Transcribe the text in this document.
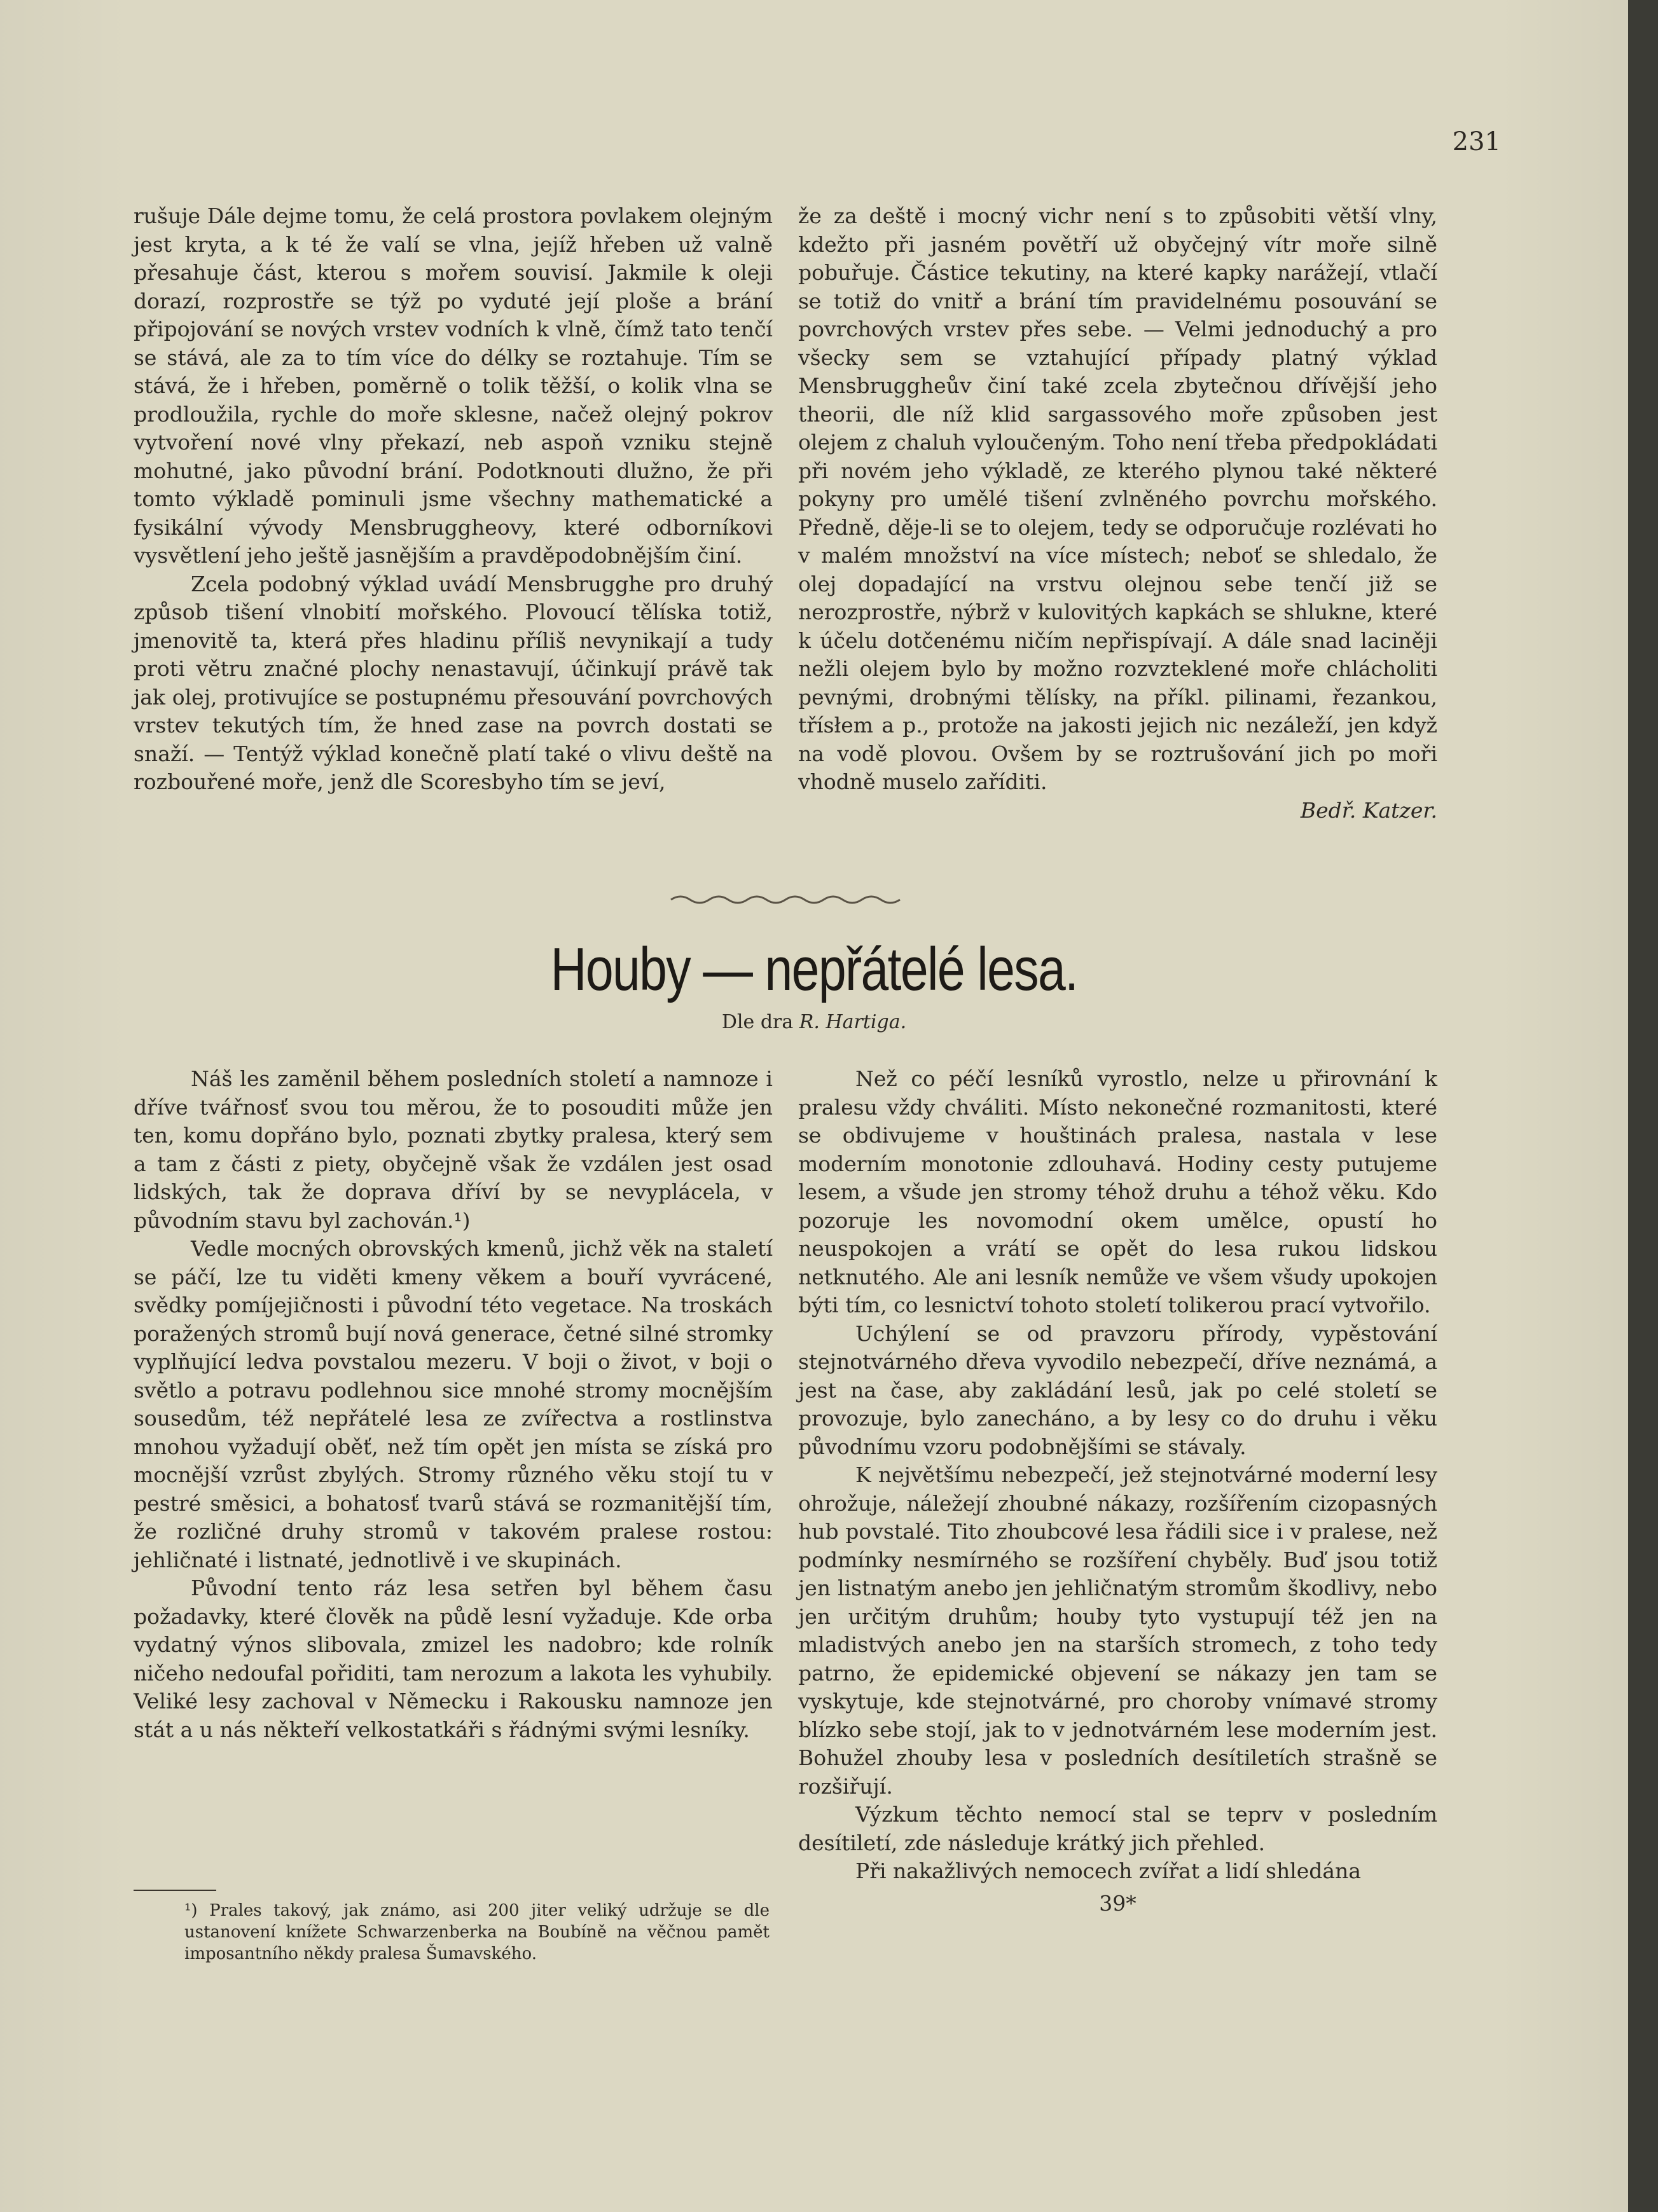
231

rušuje Dále dejme tomu, že celá prostora povlakem olejným jest kryta, a k té že valí se vlna, jejíž hřeben už valně přesahuje část, kterou s mořem souvisí. Jakmile k oleji dorazí, rozprostře se týž po vyduté její ploše a brání připojování se nových vrstev vodních k vlně, čímž tato tenčí se stává, ale za to tím více do délky se roztahuje. Tím se stává, že i hřeben, poměrně o tolik těžší, o kolik vlna se prodloužila, rychle do moře sklesne, načež olejný pokrov vytvoření nové vlny překazí, neb aspoň vzniku stejně mohutné, jako původní brání. Podotknouti dlužno, že při tomto výkladě pominuli jsme všechny mathematické a fysikální vývody Mensbruggheovy, které odborníkovi vysvětlení jeho ještě jasnějším a pravděpodobnějším činí.

Zcela podobný výklad uvádí Mensbrugghe pro druhý způsob tišení vlnobití mořského. Plovoucí tělíska totiž, jmenovitě ta, která přes hladinu příliš nevynikají a tudy proti větru značné plochy nenastavují, účinkují právě tak jak olej, protivujíce se postupnému přesouvání povrchových vrstev tekutých tím, že hned zase na povrch dostati se snaží. — Tentýž výklad konečně platí také o vlivu deště na rozbouřené moře, jenž dle Scoresbyho tím se jeví,

že za deště i mocný vichr není s to způsobiti větší vlny, kdežto při jasném povětří už obyčejný vítr moře silně pobuřuje. Částice tekutiny, na které kapky narážejí, vtlačí se totiž do vnitř a brání tím pravidelnému posouvání se povrchových vrstev přes sebe. — Velmi jednoduchý a pro všecky sem se vztahující případy platný výklad Mensbruggheův činí také zcela zbytečnou dřívější jeho theorii, dle níž klid sargassového moře způsoben jest olejem z chaluh vyloučeným. Toho není třeba předpokládati při novém jeho výkladě, ze kterého plynou také některé pokyny pro umělé tišení zvlněného povrchu mořského. Předně, děje-li se to olejem, tedy se odporučuje rozlévati ho v malém množství na více místech; neboť se shledalo, že olej dopadající na vrstvu olejnou sebe tenčí již se nerozprostře, nýbrž v kulovitých kapkách se shlukne, které k účelu dotčenému ničím nepřispívají. A dále snad laciněji nežli olejem bylo by možno rozvzteklené moře chlácholiti pevnými, drobnými tělísky, na příkl. pilinami, řezankou, třísłem a p., protože na jakosti jejich nic nezáleží, jen když na vodě plovou. Ovšem by se roztrušování jich po moři vhodně muselo zaříditi.

Bedř. Katzer.

Houby — nepřátelé lesa.

Dle dra R. Hartiga.

Náš les zaměnil během posledních století a namnoze i dříve tvářnosť svou tou měrou, že to posouditi může jen ten, komu dopřáno bylo, poznati zbytky pralesa, který sem a tam z části z piety, obyčejně však že vzdálen jest osad lidských, tak že doprava dříví by se nevyplácela, v původním stavu byl zachován.¹)

Vedle mocných obrovských kmenů, jichž věk na staletí se páčí, lze tu viděti kmeny věkem a bouří vyvrácené, svědky pomíjejičnosti i původní této vegetace. Na troskách poražených stromů bují nová generace, četné silné stromky vyplňující ledva povstalou mezeru. V boji o život, v boji o světlo a potravu podlehnou sice mnohé stromy mocnějším sousedům, též nepřátelé lesa ze zvířectva a rostlinstva mnohou vyžadují oběť, než tím opět jen místa se získá pro mocnější vzrůst zbylých. Stromy různého věku stojí tu v pestré směsici, a bohatosť tvarů stává se rozmanitější tím, že rozličné druhy stromů v takovém pralese rostou: jehličnaté i listnaté, jednotlivě i ve skupinách.

Původní tento ráz lesa setřen byl během času požadavky, které člověk na půdě lesní vyžaduje. Kde orba vydatný výnos slibovala, zmizel les nadobro; kde rolník ničeho nedoufal pořiditi, tam nerozum a lakota les vyhubily. Veliké lesy zachoval v Německu i Rakousku namnoze jen stát a u nás někteří velkostatkáři s řádnými svými lesníky.

Než co péčí lesníků vyrostlo, nelze u přirovnání k pralesu vždy chváliti. Místo nekonečné rozmanitosti, které se obdivujeme v houštinách pralesa, nastala v lese moderním monotonie zdlouhavá. Hodiny cesty putujeme lesem, a všude jen stromy téhož druhu a téhož věku. Kdo pozoruje les novomodní okem umělce, opustí ho neuspokojen a vrátí se opět do lesa rukou lidskou netknutého. Ale ani lesník nemůže ve všem všudy upokojen býti tím, co lesnictví tohoto století tolikerou prací vytvořilo.

Uchýlení se od pravzoru přírody, vypěstování stejnotvárného dřeva vyvodilo nebezpečí, dříve neznámá, a jest na čase, aby zakládání lesů, jak po celé století se provozuje, bylo zanecháno, a by lesy co do druhu i věku původnímu vzoru podobnějšími se stávaly.

K největšímu nebezpečí, jež stejnotvárné moderní lesy ohrožuje, náležejí zhoubné nákazy, rozšířením cizopasných hub povstalé. Tito zhoubcové lesa řádili sice i v pralese, než podmínky nesmírného se rozšíření chyběly. Buď jsou totiž jen listnatým anebo jen jehličnatým stromům škodlivy, nebo jen určitým druhům; houby tyto vystupují též jen na mladistvých anebo jen na starších stromech, z toho tedy patrno, že epidemické objevení se nákazy jen tam se vyskytuje, kde stejnotvárné, pro choroby vnímavé stromy blízko sebe stojí, jak to v jednotvárném lese moderním jest. Bohužel zhouby lesa v posledních desítiletích strašně se rozšiřují.

Výzkum těchto nemocí stal se teprv v posledním desítiletí, zde následuje krátký jich přehled.

Při nakažlivých nemocech zvířat a lidí shledána

39*

¹) Prales takový, jak známo, asi 200 jiter veliký udržuje se dle ustanovení knížete Schwarzenberka na Boubíně na věčnou pamět imposantního někdy pralesa Šumavského.
